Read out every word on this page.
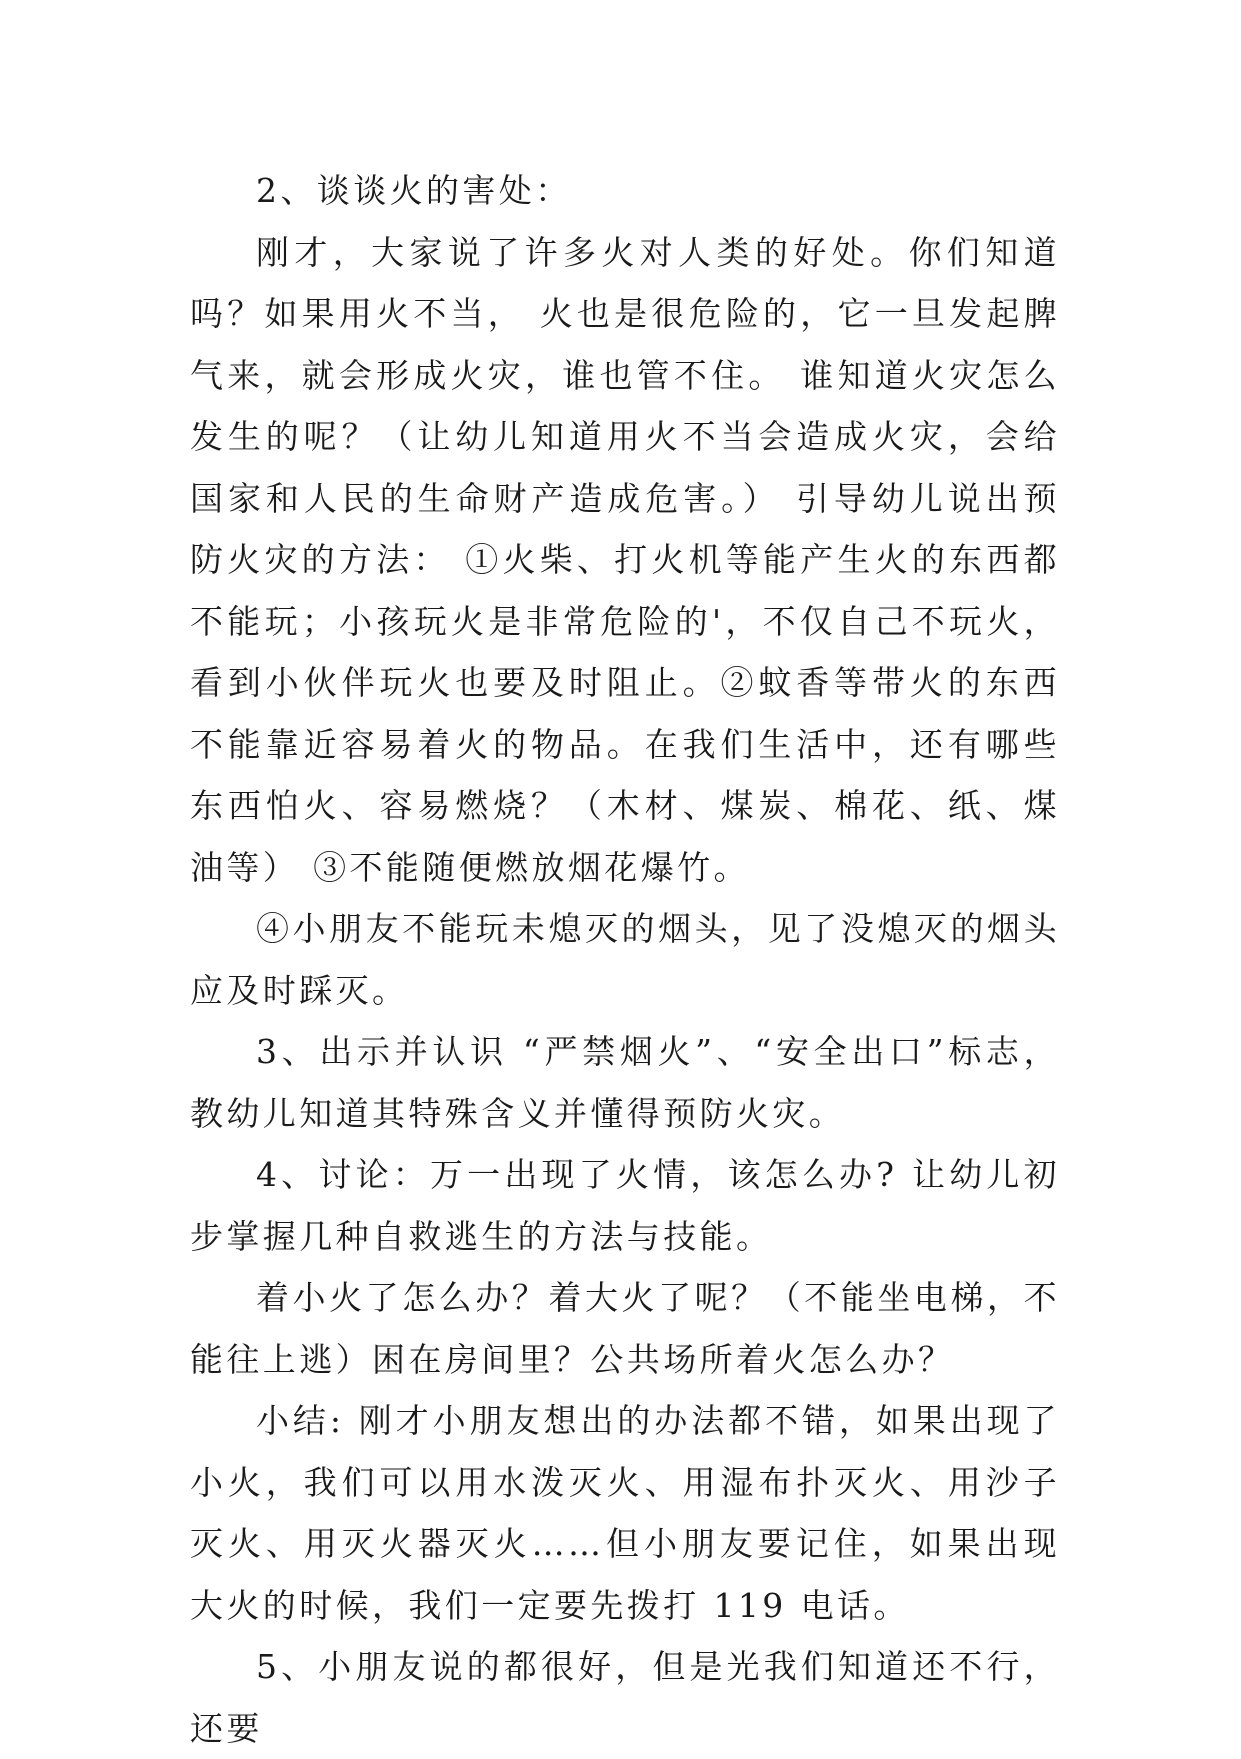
2、谈谈火的害处：

刚才，大家说了许多火对人类的好处。你们知道吗？如果用火不当， 火也是很危险的，它一旦发起脾气来，就会形成火灾，谁也管不住。 谁知道火灾怎么发生的呢？（让幼儿知道用火不当会造成火灾，会给国家和人民的生命财产造成危害。） 引导幼儿说出预防火灾的方法： ①火柴、打火机等能产生火的东西都不能玩；小孩玩火是非常危险的'，不仅自己不玩火，看到小伙伴玩火也要及时阻止。②蚊香等带火的东西不能靠近容易着火的物品。在我们生活中，还有哪些东西怕火、容易燃烧？（木材、煤炭、棉花、纸、煤油等） ③不能随便燃放烟花爆竹。

④小朋友不能玩未熄灭的烟头，见了没熄灭的烟头应及时踩灭。

3、出示并认识 “严禁烟火”、“安全出口”标志，教幼儿知道其特殊含义并懂得预防火灾。

4、讨论：万一出现了火情，该怎么办? 让幼儿初步掌握几种自救逃生的方法与技能。

着小火了怎么办？着大火了呢？（不能坐电梯，不能往上逃）困在房间里？公共场所着火怎么办？

小结: 刚才小朋友想出的办法都不错，如果出现了小火，我们可以用水泼灭火、用湿布扑灭火、用沙子灭火、用灭火器灭火……但小朋友要记住，如果出现大火的时候，我们一定要先拨打 119 电话。

5、小朋友说的都很好，但是光我们知道还不行，还要
